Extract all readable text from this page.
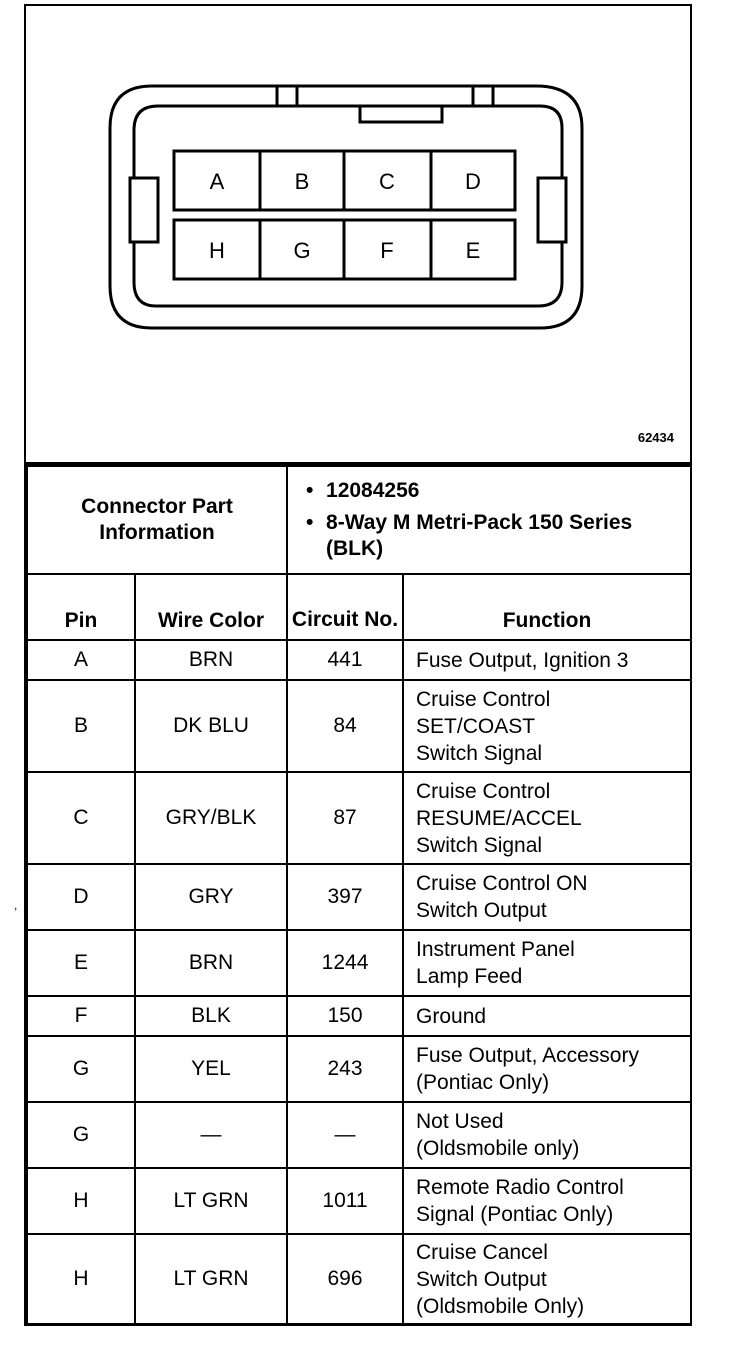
A	B	C	D
H	G	F	E
62434
Connector Part Information		• 12084256
• 8-Way M Metri-Pack 150 Series (BLK)	

Pin	Wire Color	Circuit No.	Function
A	BRN	441	Fuse Output, Ignition 3

B	DK BLU	84	Cruise Control
SET/COAST
Switch Signal

C	GRY/BLK	87	Cruise Control
RESUME/ACCEL
Switch Signal

D	GRY	397	Cruise Control ON
Switch Output

E	BRN	1244	Instrument Panel
Lamp Feed

F	BLK	150	Ground

G	YEL	243	Fuse Output, Accessory
(Pontiac Only)

G	—	—	Not Used
(Oldsmobile only)

H	LT GRN	1011	Remote Radio Control
Signal (Pontiac Only)

H	LT GRN	696	Cruise Cancel
Switch Output
(Oldsmobile Only)
,
